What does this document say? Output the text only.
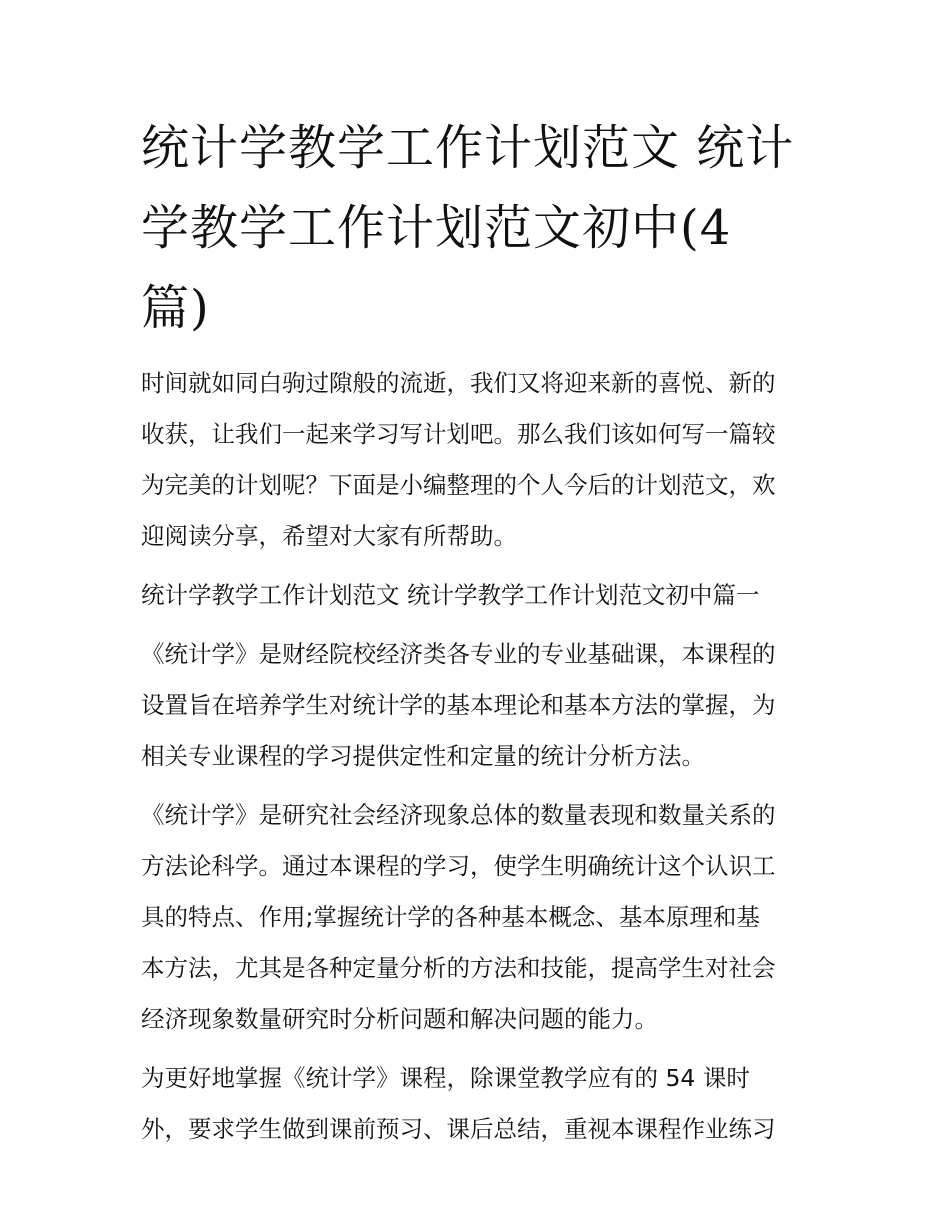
统计学教学工作计划范文 统计
学教学工作计划范文初中(4
篇)

时间就如同白驹过隙般的流逝，我们又将迎来新的喜悦、新的
收获，让我们一起来学习写计划吧。那么我们该如何写一篇较
为完美的计划呢？下面是小编整理的个人今后的计划范文，欢
迎阅读分享，希望对大家有所帮助。

统计学教学工作计划范文 统计学教学工作计划范文初中篇一

《统计学》是财经院校经济类各专业的专业基础课，本课程的
设置旨在培养学生对统计学的基本理论和基本方法的掌握，为
相关专业课程的学习提供定性和定量的统计分析方法。

《统计学》是研究社会经济现象总体的数量表现和数量关系的
方法论科学。通过本课程的学习，使学生明确统计这个认识工
具的特点、作用;掌握统计学的各种基本概念、基本原理和基
本方法，尤其是各种定量分析的方法和技能，提高学生对社会
经济现象数量研究时分析问题和解决问题的能力。

为更好地掌握《统计学》课程，除课堂教学应有的 54 课时
外，要求学生做到课前预习、课后总结，重视本课程作业练习
